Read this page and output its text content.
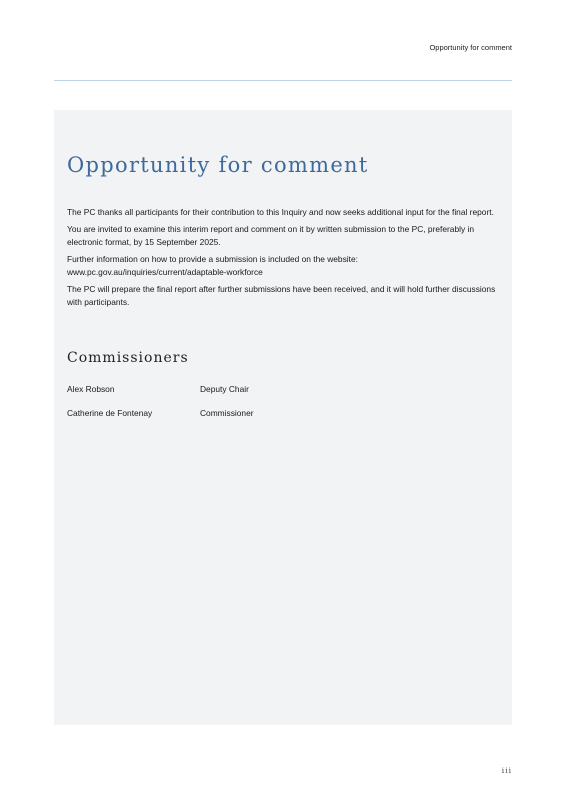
Opportunity for comment
Opportunity for comment

The PC thanks all participants for their contribution to this Inquiry and now seeks additional input for the final report.

You are invited to examine this interim report and comment on it by written submission to the PC, preferably in electronic format, by 15 September 2025.

Further information on how to provide a submission is included on the website: www.pc.gov.au/inquiries/current/adaptable-workforce

The PC will prepare the final report after further submissions have been received, and it will hold further discussions with participants.

Commissioners
Alex Robson	Deputy Chair
Catherine de Fontenay	Commissioner
iii
